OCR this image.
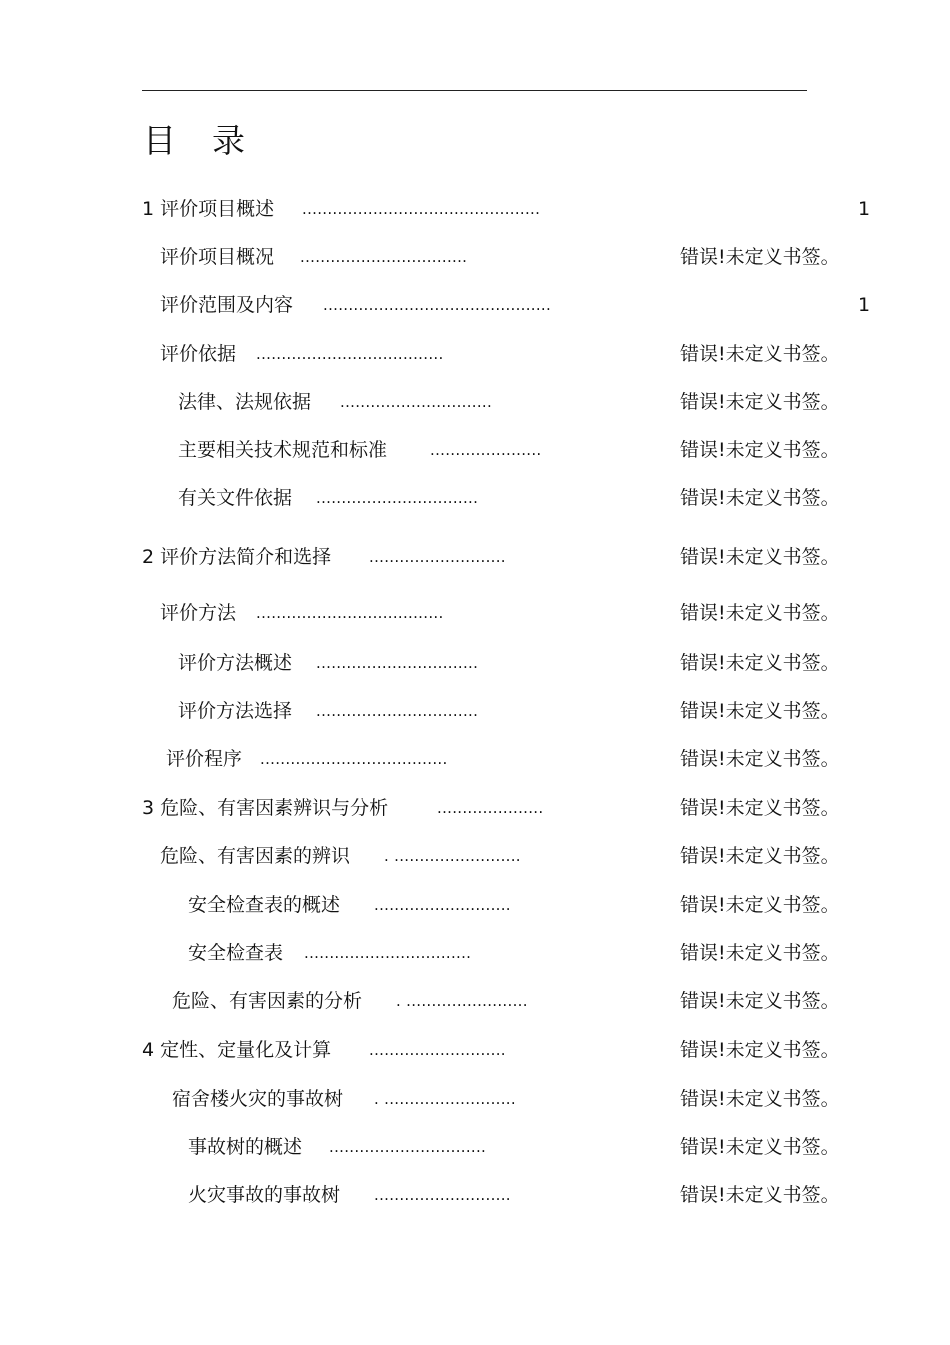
目录
1 评价项目概述 ...............................................	1
评价项目概况 .................................	错误!未定义书签。
评价范围及内容 .............................................	1
评价依据 .....................................	错误!未定义书签。
法律、法规依据 ..............................	错误!未定义书签。
主要相关技术规范和标准	......................	错误!未定义书签。
有关文件依据 ................................	错误!未定义书签。
2 评价方法简介和选择	...........................	错误!未定义书签。
评价方法 .....................................	错误!未定义书签。
评价方法概述 ................................	错误!未定义书签。
评价方法选择 ................................	错误!未定义书签。
评价程序 .....................................	错误!未定义书签。
3 危险、有害因素辨识与分析	.....................	错误!未定义书签。
危险、有害因素的辨识 . .........................	错误!未定义书签。
安全检查表的概述 ...........................	错误!未定义书签。
安全检查表 .................................	错误!未定义书签。
危险、有害因素的分析 . ........................	错误!未定义书签。
4 定性、定量化及计算	...........................	错误!未定义书签。
宿舍楼火灾的事故树 . ..........................	错误!未定义书签。
事故树的概述 ...............................	错误!未定义书签。
火灾事故的事故树 ...........................	错误!未定义书签。
